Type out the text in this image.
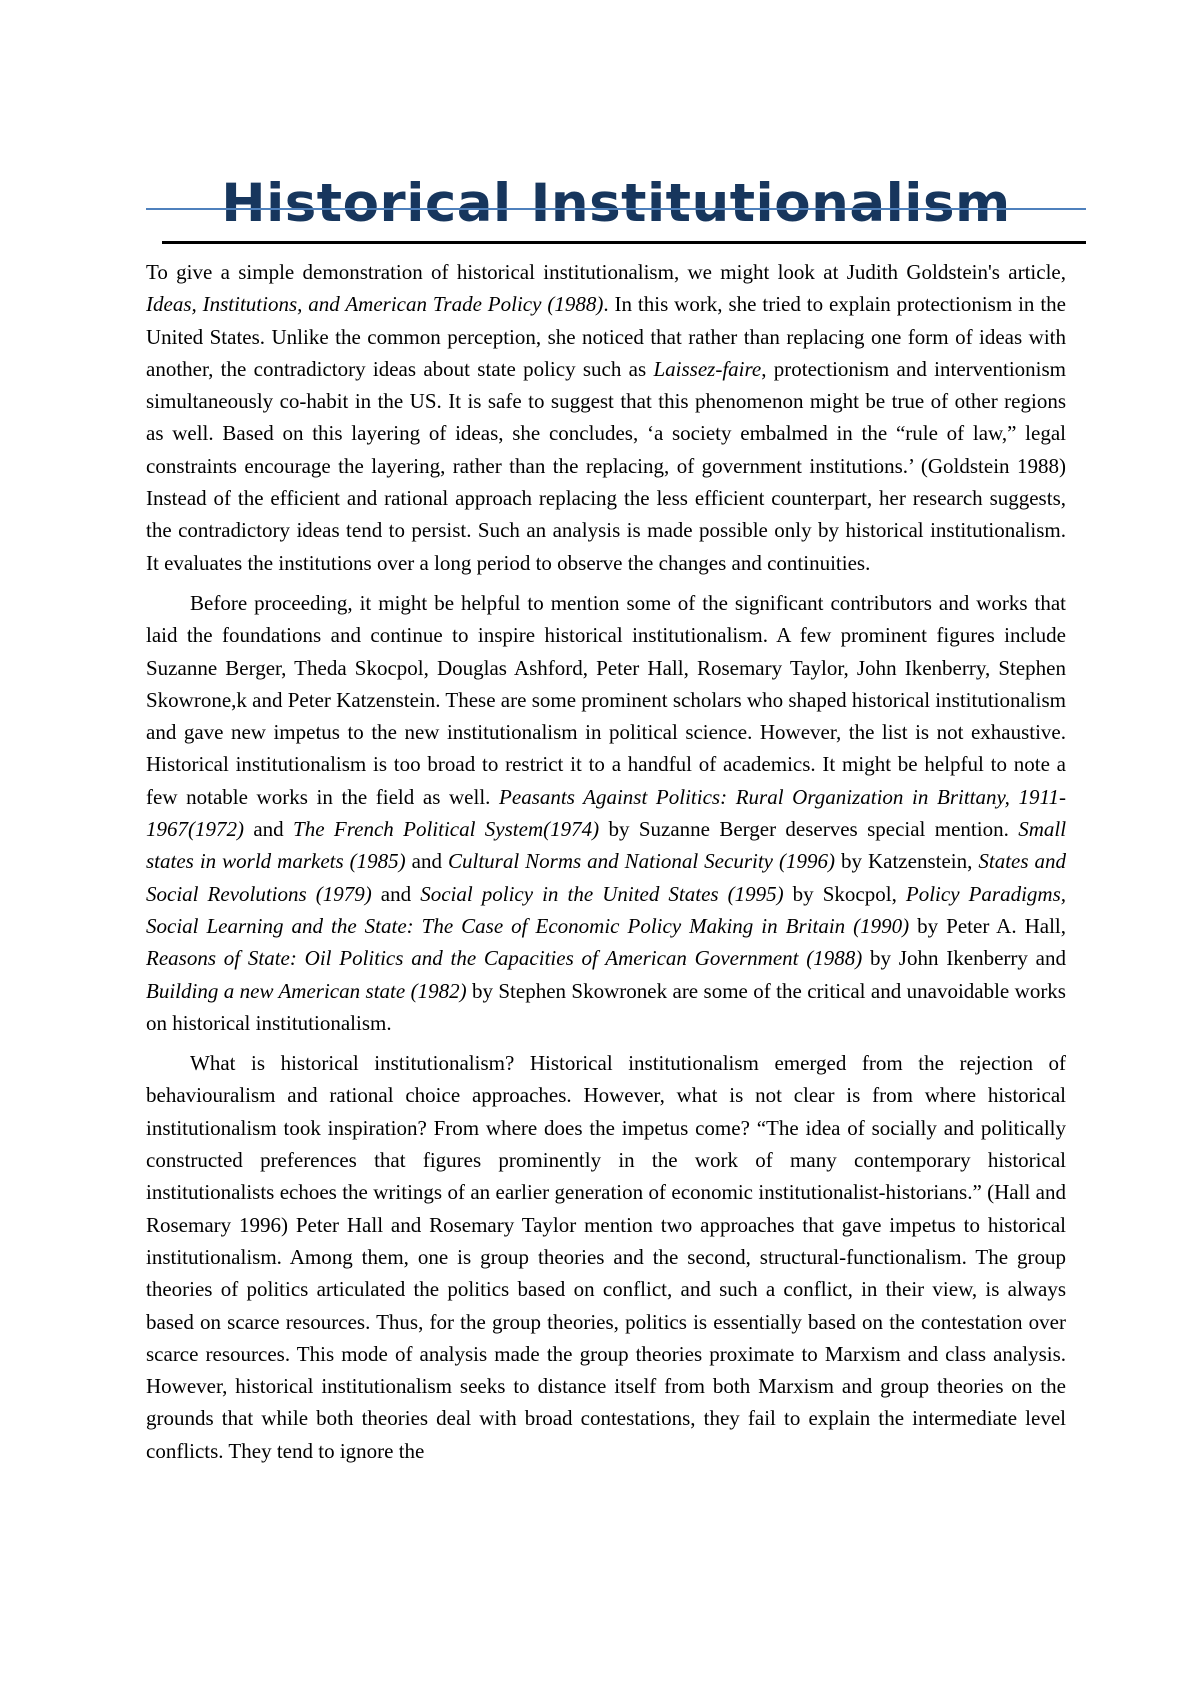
Historical Institutionalism

To give a simple demonstration of historical institutionalism, we might look at Judith Goldstein's article, Ideas, Institutions, and American Trade Policy (1988). In this work, she tried to explain protectionism in the United States. Unlike the common perception, she noticed that rather than replacing one form of ideas with another, the contradictory ideas about state policy such as Laissez-faire, protectionism and interventionism simultaneously co-habit in the US. It is safe to suggest that this phenomenon might be true of other regions as well. Based on this layering of ideas, she concludes, ‘a society embalmed in the “rule of law,” legal constraints encourage the layering, rather than the replacing, of government institutions.’ (Goldstein 1988) Instead of the efficient and rational approach replacing the less efficient counterpart, her research suggests, the contradictory ideas tend to persist. Such an analysis is made possible only by historical institutionalism. It evaluates the institutions over a long period to observe the changes and continuities.

Before proceeding, it might be helpful to mention some of the significant contributors and works that laid the foundations and continue to inspire historical institutionalism. A few prominent figures include Suzanne Berger, Theda Skocpol, Douglas Ashford, Peter Hall, Rosemary Taylor, John Ikenberry, Stephen Skowrone,k and Peter Katzenstein. These are some prominent scholars who shaped historical institutionalism and gave new impetus to the new institutionalism in political science. However, the list is not exhaustive. Historical institutionalism is too broad to restrict it to a handful of academics. It might be helpful to note a few notable works in the field as well. Peasants Against Politics: Rural Organization in Brittany, 1911-1967(1972) and The French Political System(1974) by Suzanne Berger deserves special mention. Small states in world markets (1985) and Cultural Norms and National Security (1996) by Katzenstein, States and Social Revolutions (1979) and Social policy in the United States (1995) by Skocpol, Policy Paradigms, Social Learning and the State: The Case of Economic Policy Making in Britain (1990) by Peter A. Hall, Reasons of State: Oil Politics and the Capacities of American Government (1988) by John Ikenberry and Building a new American state (1982) by Stephen Skowronek are some of the critical and unavoidable works on historical institutionalism.

What is historical institutionalism? Historical institutionalism emerged from the rejection of behaviouralism and rational choice approaches. However, what is not clear is from where historical institutionalism took inspiration? From where does the impetus come? “The idea of socially and politically constructed preferences that figures prominently in the work of many contemporary historical institutionalists echoes the writings of an earlier generation of economic institutionalist-historians.” (Hall and Rosemary 1996) Peter Hall and Rosemary Taylor mention two approaches that gave impetus to historical institutionalism. Among them, one is group theories and the second, structural-functionalism. The group theories of politics articulated the politics based on conflict, and such a conflict, in their view, is always based on scarce resources. Thus, for the group theories, politics is essentially based on the contestation over scarce resources. This mode of analysis made the group theories proximate to Marxism and class analysis. However, historical institutionalism seeks to distance itself from both Marxism and group theories on the grounds that while both theories deal with broad contestations, they fail to explain the intermediate level conflicts. They tend to ignore the
